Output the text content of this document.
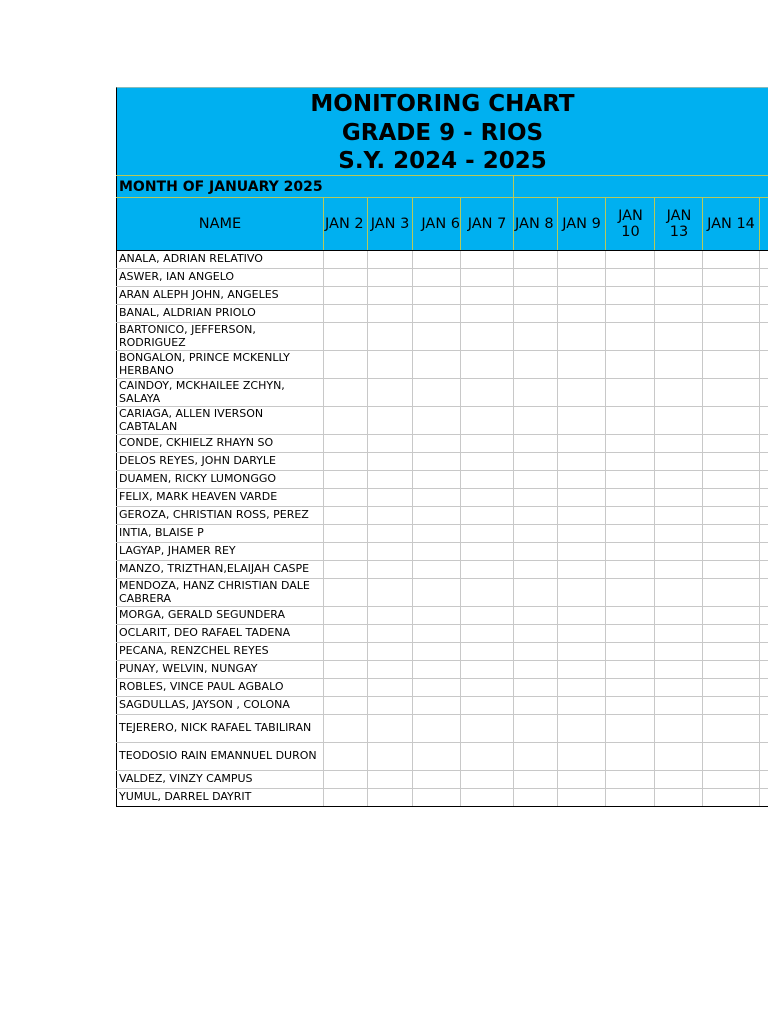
MONITORING CHART
GRADE 9 - RIOS
S.Y. 2024 - 2025
MONTH OF JANUARY 2025										
NAME	JAN 2	JAN 3	JAN 6	JAN 7	JAN 8	JAN 9	JAN 10	JAN 13	JAN 14	
ANALA, ADRIAN RELATIVO										
ASWER, IAN ANGELO										
ARAN ALEPH JOHN, ANGELES										
BANAL, ALDRIAN PRIOLO										
BARTONICO, JEFFERSON, RODRIGUEZ										
BONGALON, PRINCE MCKENLLY HERBANO										
CAINDOY, MCKHAILEE ZCHYN, SALAYA										
CARIAGA, ALLEN IVERSON CABTALAN										
CONDE, CKHIELZ RHAYN SO										
DELOS REYES, JOHN DARYLE										
DUAMEN, RICKY LUMONGGO										
FELIX, MARK HEAVEN VARDE										
GEROZA, CHRISTIAN ROSS, PEREZ										
INTIA, BLAISE P										
LAGYAP, JHAMER REY										
MANZO, TRIZTHAN,ELAIJAH CASPE										
MENDOZA, HANZ CHRISTIAN DALE CABRERA										
MORGA, GERALD SEGUNDERA										
OCLARIT, DEO RAFAEL TADENA										
PECANA, RENZCHEL REYES										
PUNAY, WELVIN, NUNGAY										
ROBLES, VINCE PAUL AGBALO										
SAGDULLAS, JAYSON , COLONA										
TEJERERO, NICK RAFAEL TABILIRAN										
TEODOSIO RAIN EMANNUEL DURON										
VALDEZ, VINZY CAMPUS										
YUMUL, DARREL DAYRIT										
